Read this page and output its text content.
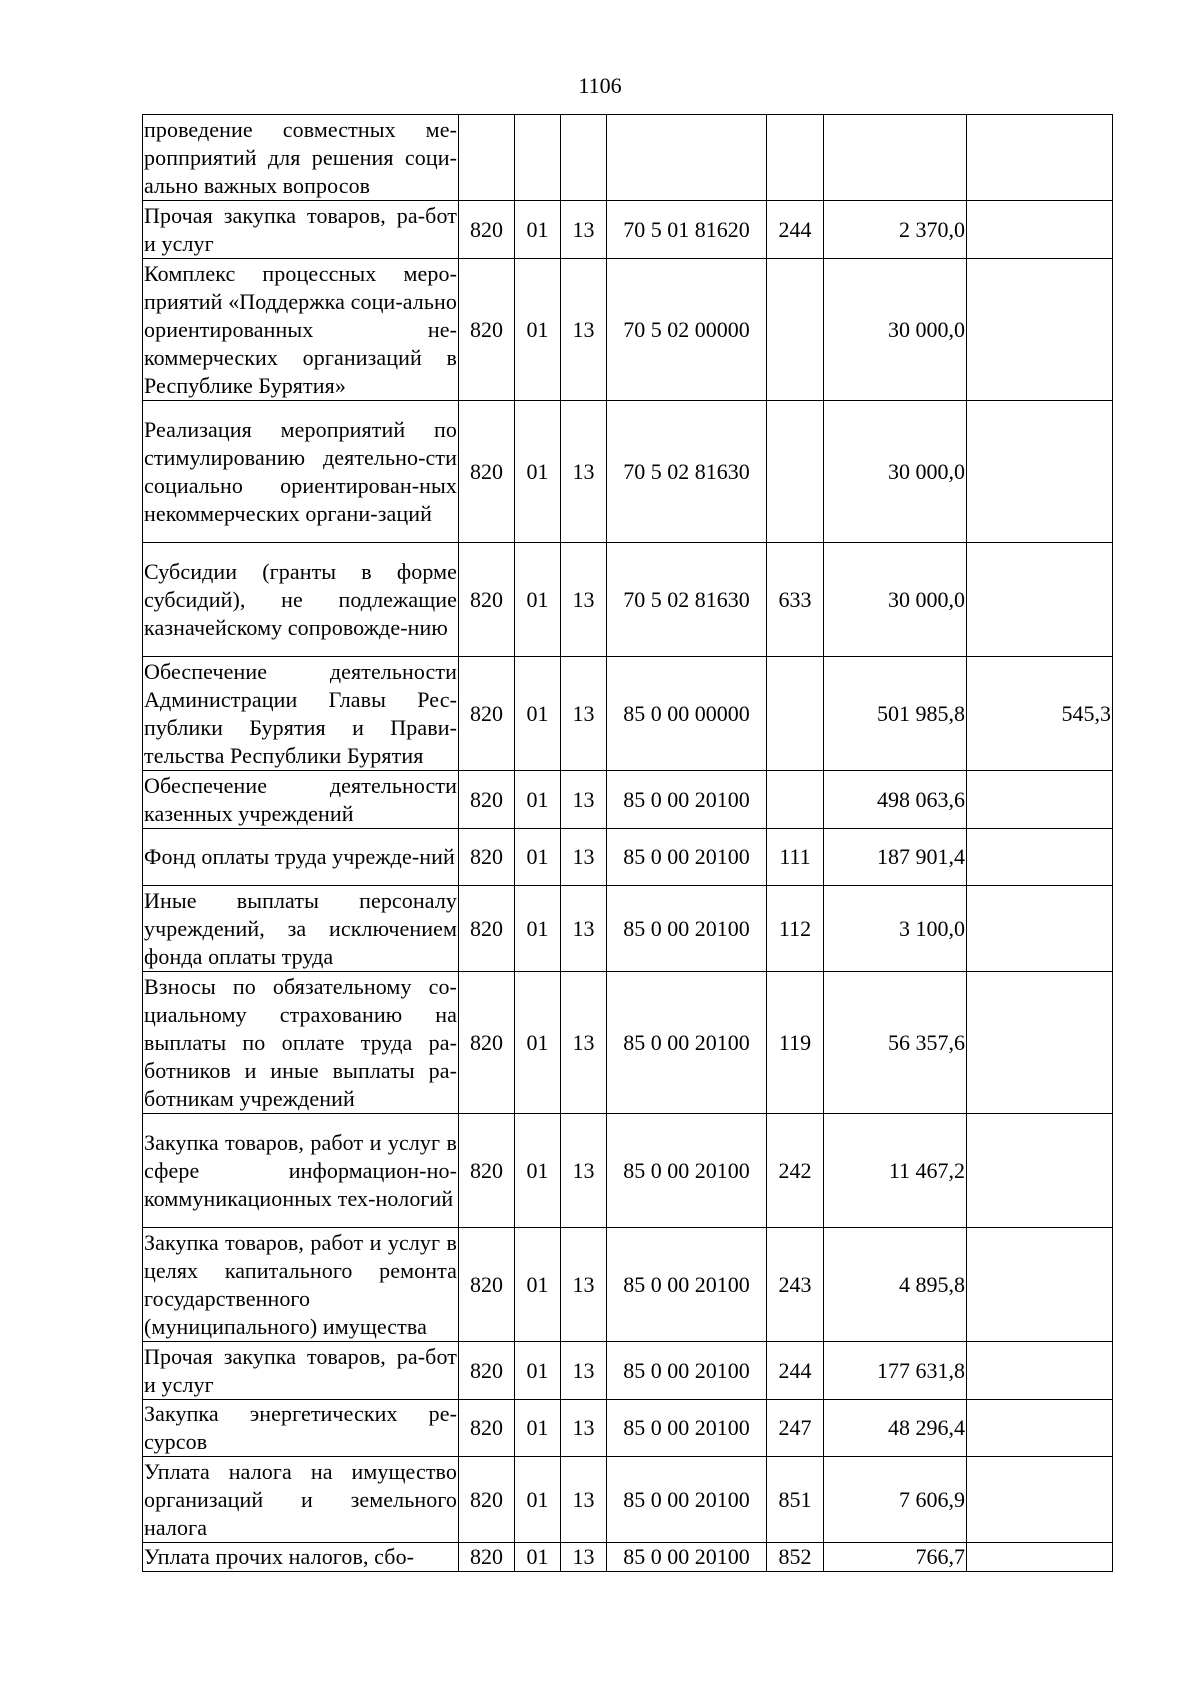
1106
проведение совместных ме-ропприятий для решения соци-ально важных вопросов							
Прочая закупка товаров, ра-бот и услуг	820	01	13	70 5 01 81620	244	2 370,0	
Комплекс процессных меро-приятий «Поддержка соци-ально ориентированных не-коммерческих организаций в Республике Бурятия»	820	01	13	70 5 02 00000		30 000,0	
Реализация мероприятий по стимулированию деятельно-сти социально ориентирован-ных некоммерческих органи-заций	820	01	13	70 5 02 81630		30 000,0	
Субсидии (гранты в форме субсидий), не подлежащие казначейскому сопровожде-нию	820	01	13	70 5 02 81630	633	30 000,0	
Обеспечение деятельности Администрации Главы Рес-публики Бурятия и Прави-тельства Республики Бурятия	820	01	13	85 0 00 00000		501 985,8	545,3
Обеспечение деятельности казенных учреждений	820	01	13	85 0 00 20100		498 063,6	
Фонд оплаты труда учрежде-ний	820	01	13	85 0 00 20100	111	187 901,4	
Иные выплаты персоналу учреждений, за исключением фонда оплаты труда	820	01	13	85 0 00 20100	112	3 100,0	
Взносы по обязательному со-циальному страхованию на выплаты по оплате труда ра-ботников и иные выплаты ра-ботникам учреждений	820	01	13	85 0 00 20100	119	56 357,6	
Закупка товаров, работ и услуг в сфере информацион-но-коммуникационных тех-нологий	820	01	13	85 0 00 20100	242	11 467,2	
Закупка товаров, работ и услуг в целях капитального ремонта государственного (муниципального) имущества	820	01	13	85 0 00 20100	243	4 895,8	
Прочая закупка товаров, ра-бот и услуг	820	01	13	85 0 00 20100	244	177 631,8	
Закупка энергетических ре-сурсов	820	01	13	85 0 00 20100	247	48 296,4	
Уплата налога на имущество организаций и земельного налога	820	01	13	85 0 00 20100	851	7 606,9	
Уплата прочих налогов, сбо-	820	01	13	85 0 00 20100	852	766,7	
